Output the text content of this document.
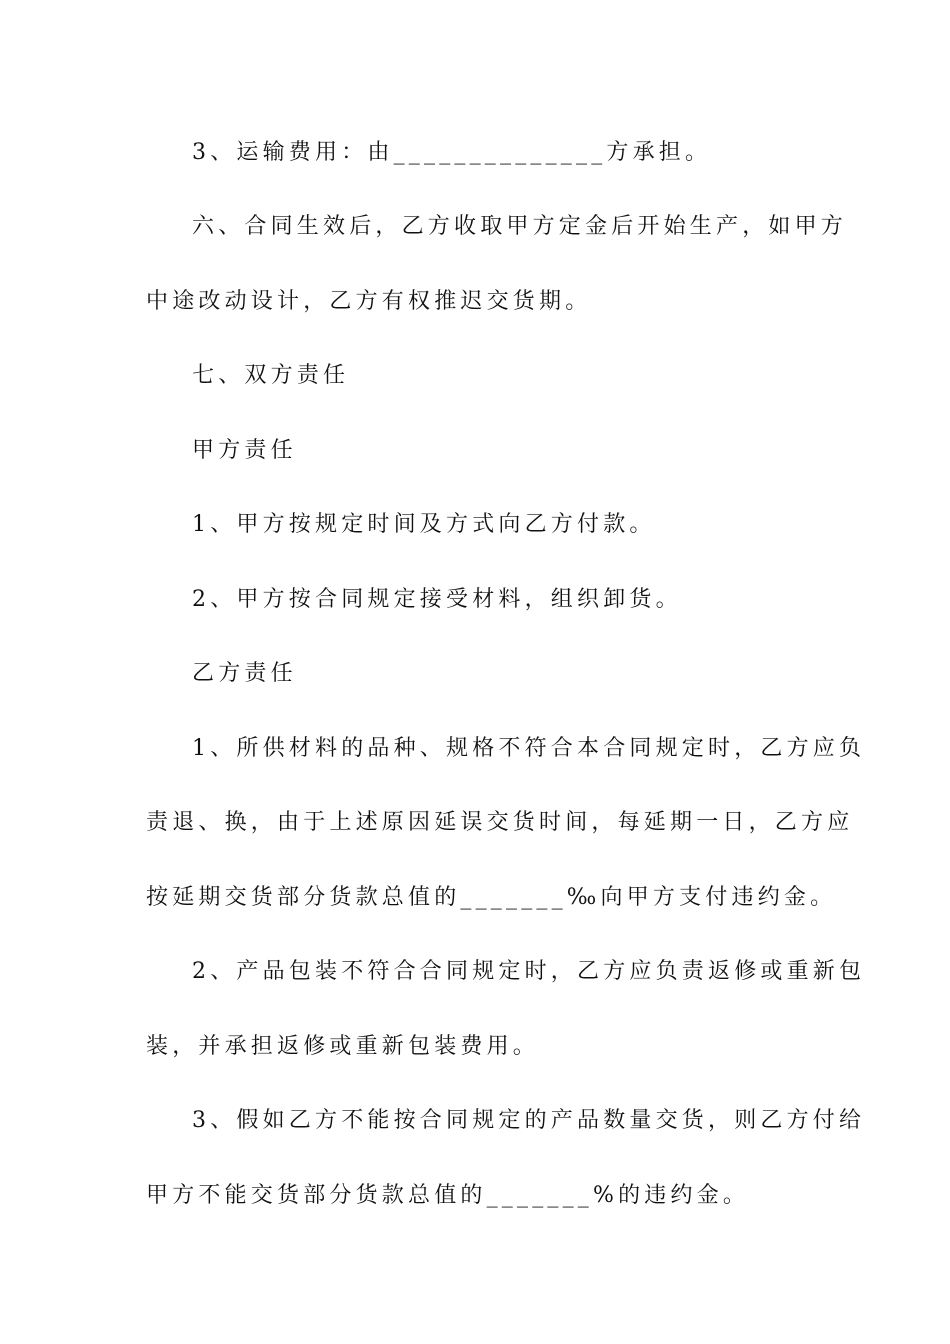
3、运输费用：由______________方承担。
六、合同生效后，乙方收取甲方定金后开始生产，如甲方
中途改动设计，乙方有权推迟交货期。
七、双方责任
甲方责任
1、甲方按规定时间及方式向乙方付款。
2、甲方按合同规定接受材料，组织卸货。
乙方责任
1、所供材料的品种、规格不符合本合同规定时，乙方应负
责退、换，由于上述原因延误交货时间，每延期一日，乙方应
按延期交货部分货款总值的_______‰向甲方支付违约金。
2、产品包装不符合合同规定时，乙方应负责返修或重新包
装，并承担返修或重新包装费用。
3、假如乙方不能按合同规定的产品数量交货，则乙方付给
甲方不能交货部分货款总值的_______%的违约金。
